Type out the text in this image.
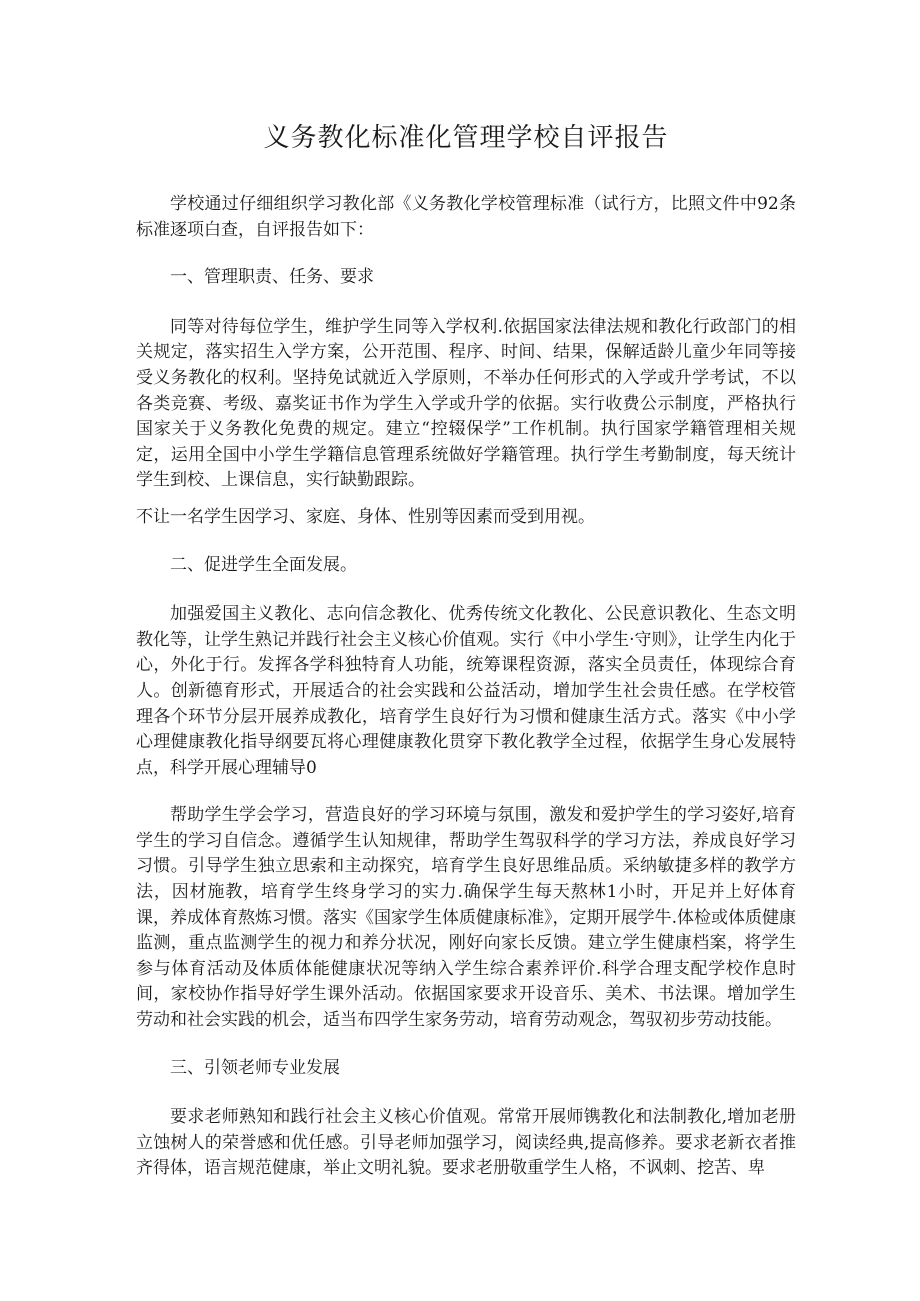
义务教化标准化管理学校自评报告

学校通过仔细组织学习教化部《义务教化学校管理标准（试行方，比照文件中92条标准逐项白查，自评报告如下：

一、管理职责、任务、要求

同等对待每位学生，维护学生同等入学权利.依据国家法律法规和教化行政部门的相关规定，落实招生入学方案，公开范围、程序、时间、结果，保解适龄儿童少年同等接受义务教化的权利。坚持免试就近入学原则，不举办任何形式的入学或升学考试，不以各类竞赛、考级、嘉奖证书作为学生入学或升学的依据。实行收费公示制度，严格执行国家关于义务教化免费的规定。建立“控辍保学”工作机制。执行国家学籍管理相关规定，运用全国中小学生学籍信息管理系统做好学籍管理。执行学生考勤制度，每天统计学生到校、上课信息，实行缺勤跟踪。

不让一名学生因学习、家庭、身体、性别等因素而受到用视。

二、促进学生全面发展。

加强爱国主义教化、志向信念教化、优秀传统文化教化、公民意识教化、生态文明教化等，让学生熟记并践行社会主义核心价值观。实行《中小学生·守则》，让学生内化于心，外化于行。发挥各学科独特育人功能，统筹课程资源，落实全员责任，体现综合育人。创新德育形式，开展适合的社会实践和公益活动，增加学生社会贵任感。在学校管理各个环节分层开展养成教化，培育学生良好行为习惯和健康生活方式。落实《中小学心理健康教化指导纲要瓦将心理健康教化贯穿下教化教学全过程，依据学生身心发展特点，科学开展心理辅导0

帮助学生学会学习，营造良好的学习环境与氛围，激发和爱护学生的学习姿好,培育学生的学习自信念。遵循学生认知规律，帮助学生驾驭科学的学习方法，养成良好学习习惯。引导学生独立思索和主动探究，培育学生良好思维品质。采纳敏捷多样的教学方法，因材施教，培育学生终身学习的实力.确保学生每天熬林1小时，开足并上好体育课，养成体育熬炼习惯。落实《国家学生体质健康标准》，定期开展学牛.体检或体质健康监测，重点监测学生的视力和养分状况，刚好向家长反馈。建立学生健康档案，将学生参与体育活动及体质体能健康状况等纳入学生综合素养评价.科学合理支配学校作息时间，家校协作指导好学生课外活动。依据国家要求开设音乐、美术、书法课。增加学生劳动和社会实践的机会，适当布四学生家务劳动，培育劳动观念，驾驭初步劳动技能。

三、引领老师专业发展

要求老师熟知和践行社会主义核心价值观。常常开展师镌教化和法制教化,增加老册立蚀树人的荣誉感和优任感。引导老师加强学习，阅读经典,提高修养。要求老新衣者推齐得体，语言规范健康，举止文明礼貌。要求老册敬重学生人格，不讽刺、挖苦、卑
